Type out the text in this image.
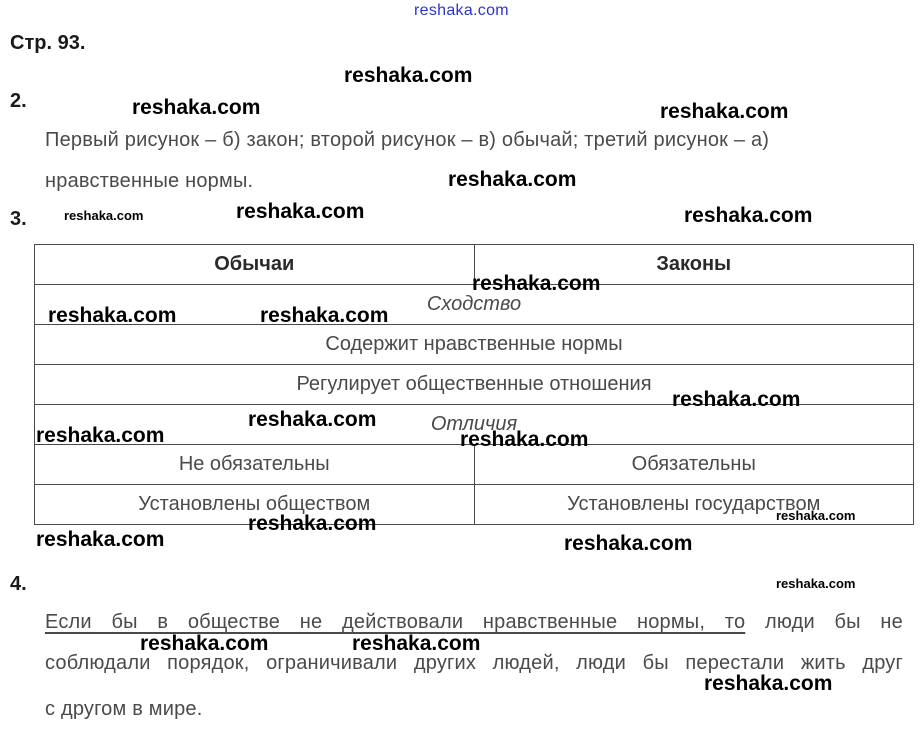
reshaka.com
Стр. 93.
2.
Первый рисунок – б) закон; второй рисунок – в) обычай; третий рисунок – а)
нравственные нормы.
3.
Обычаи	Законы
Сходство	
Содержит нравственные нормы	
Регулирует общественные отношения	
Отличия	
Не обязательны	Обязательны
Установлены обществом	Установлены государством
4.
Если бы в обществе не действовали нравственные нормы, то люди бы не
соблюдали порядок, ограничивали других людей, люди бы перестали жить друг
с другом в мире.
reshaka.com
reshaka.com	reshaka.com
reshaka.com
reshaka.com	reshaka.com	reshaka.com
reshaka.com
reshaka.com	reshaka.com
reshaka.com
reshaka.com
reshaka.com	reshaka.com
reshaka.com
reshaka.com
reshaka.com	reshaka.com
reshaka.com
reshaka.com	reshaka.com
reshaka.com
